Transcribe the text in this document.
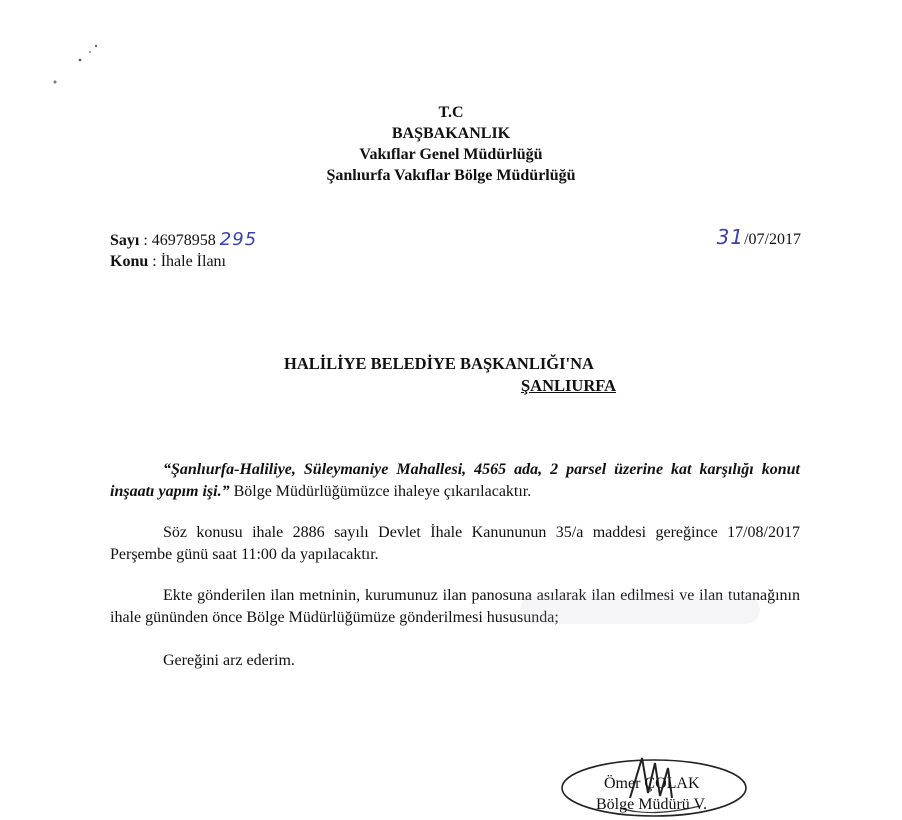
T.C
BAŞBAKANLIK
Vakıflar Genel Müdürlüğü
Şanlıurfa Vakıflar Bölge Müdürlüğü
Sayı : 46978958 295
Konu : İhale İlanı
31/07/2017
HALİLİYE BELEDİYE BAŞKANLIĞI'NA
ŞANLIURFA
“Şanlıurfa-Haliliye, Süleymaniye Mahallesi, 4565 ada, 2 parsel üzerine kat karşılığı konut inşaatı yapım işi.” Bölge Müdürlüğümüzce ihaleye çıkarılacaktır.
Söz konusu ihale 2886 sayılı Devlet İhale Kanununun 35/a maddesi gereğince 17/08/2017 Perşembe günü saat 11:00 da yapılacaktır.
Ekte gönderilen ilan metninin, kurumunuz ilan panosuna asılarak ilan edilmesi ve ilan tutanağının ihale gününden önce Bölge Müdürlüğümüze gönderilmesi hususunda;
Gereğini arz ederim.
Ömer ÇOLAK
Bölge Müdürü V.
